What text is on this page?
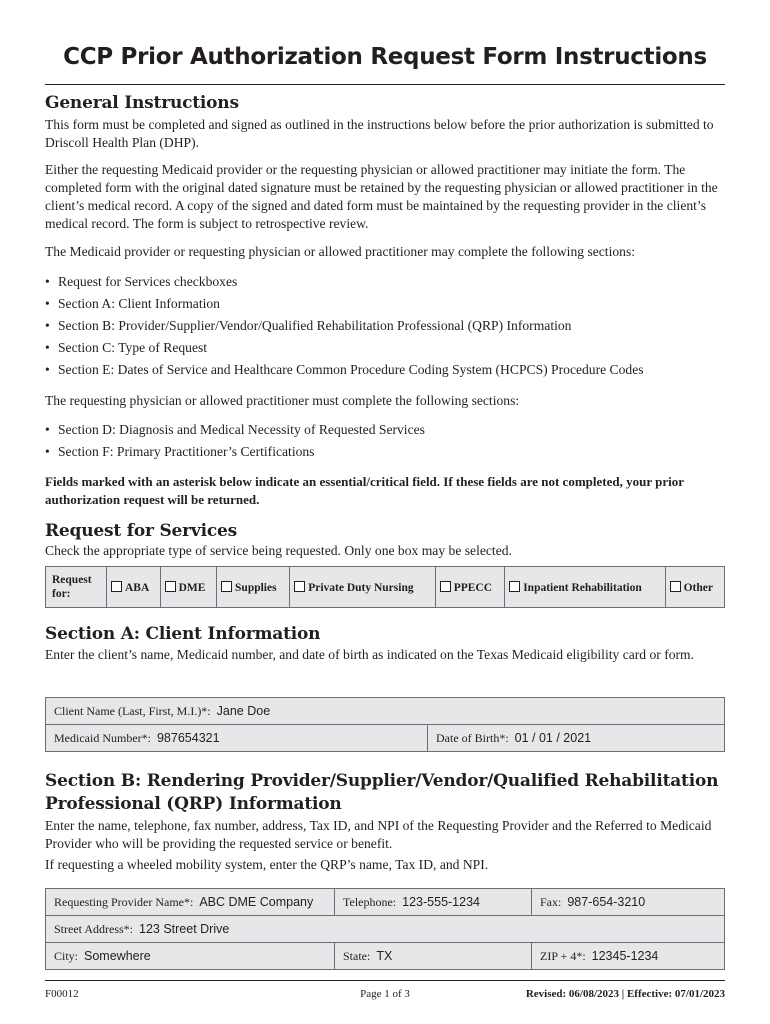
CCP Prior Authorization Request Form Instructions
General Instructions

This form must be completed and signed as outlined in the instructions below before the prior authorization is submitted to Driscoll Health Plan (DHP).

Either the requesting Medicaid provider or the requesting physician or allowed practitioner may initiate the form. The completed form with the original dated signature must be retained by the requesting physician or allowed practitioner in the client’s medical record. A copy of the signed and dated form must be maintained by the requesting provider in the client’s medical record. The form is subject to retrospective review.

The Medicaid provider or requesting physician or allowed practitioner may complete the following sections:

• Request for Services checkboxes
• Section A: Client Information
• Section B: Provider/Supplier/Vendor/Qualified Rehabilitation Professional (QRP) Information
• Section C: Type of Request
• Section E: Dates of Service and Healthcare Common Procedure Coding System (HCPCS) Procedure Codes

The requesting physician or allowed practitioner must complete the following sections:

• Section D: Diagnosis and Medical Necessity of Requested Services
• Section F: Primary Practitioner’s Certifications

Fields marked with an asterisk below indicate an essential/critical field. If these fields are not completed, your prior authorization request will be returned.

Request for Services

Check the appropriate type of service being requested. Only one box may be selected.

Request
for:	ABA	DME	Supplies	Private Duty Nursing	PPECC	Inpatient Rehabilitation	Other
Section A: Client Information

Enter the client’s name, Medicaid number, and date of birth as indicated on the Texas Medicaid eligibility card or form.

Client Name (Last, First, M.I.)*: Jane Doe
Medicaid Number*: 987654321	Date of Birth*: 01 / 01 / 2021
Section B: Rendering Provider/Supplier/Vendor/Qualified Rehabilitation
Professional (QRP) Information

Enter the name, telephone, fax number, address, Tax ID, and NPI of the Requesting Provider and the Referred to Medicaid Provider who will be providing the requested service or benefit.

If requesting a wheeled mobility system, enter the QRP’s name, Tax ID, and NPI.

Requesting Provider Name*: ABC DME Company	Telephone: 123-555-1234	Fax: 987-654-3210
Street Address*: 123 Street Drive		
City: Somewhere	State: TX	ZIP + 4*: 12345-1234
F00012	Page 1 of 3	Revised: 06/08/2023 | Effective: 07/01/2023
